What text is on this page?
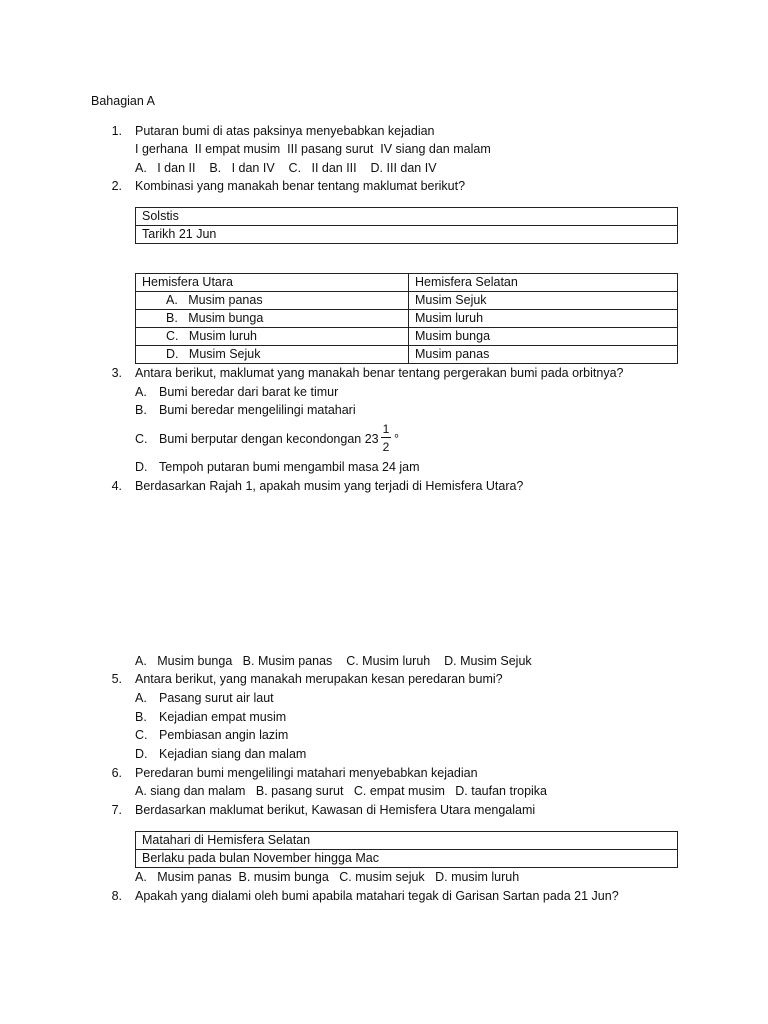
Bahagian A
1. Putaran bumi di atas paksinya menyebabkan kejadian
I gerhana  II empat musim  III pasang surut  IV siang dan malam
A.   I dan II    B.   I dan IV    C.   II dan III    D. III dan IV
2. Kombinasi yang manakah benar tentang maklumat berikut?
Solstis
Tarikh 21 Jun
Hemisfera Utara	Hemisfera Selatan
A. Musim panas	Musim Sejuk
B. Musim bunga	Musim luruh
C. Musim luruh	Musim bunga
D. Musim Sejuk	Musim panas
3. Antara berikut, maklumat yang manakah benar tentang pergerakan bumi pada orbitnya?
A. Bumi beredar dari barat ke timur
B. Bumi beredar mengelilingi matahari
C. Bumi berputar dengan kecondongan 23
1
2
°
D. Tempoh putaran bumi mengambil masa 24 jam
4. Berdasarkan Rajah 1, apakah musim yang terjadi di Hemisfera Utara?
A.   Musim bunga   B. Musim panas    C. Musim luruh    D. Musim Sejuk
5. Antara berikut, yang manakah merupakan kesan peredaran bumi?
A. Pasang surut air laut
B. Kejadian empat musim
C. Pembiasan angin lazim
D. Kejadian siang dan malam
6. Peredaran bumi mengelilingi matahari menyebabkan kejadian
A. siang dan malam   B. pasang surut   C. empat musim   D. taufan tropika
7. Berdasarkan maklumat berikut, Kawasan di Hemisfera Utara mengalami
Matahari di Hemisfera Selatan
Berlaku pada bulan November hingga Mac
A.   Musim panas  B. musim bunga   C. musim sejuk   D. musim luruh
8. Apakah yang dialami oleh bumi apabila matahari tegak di Garisan Sartan pada 21 Jun?
